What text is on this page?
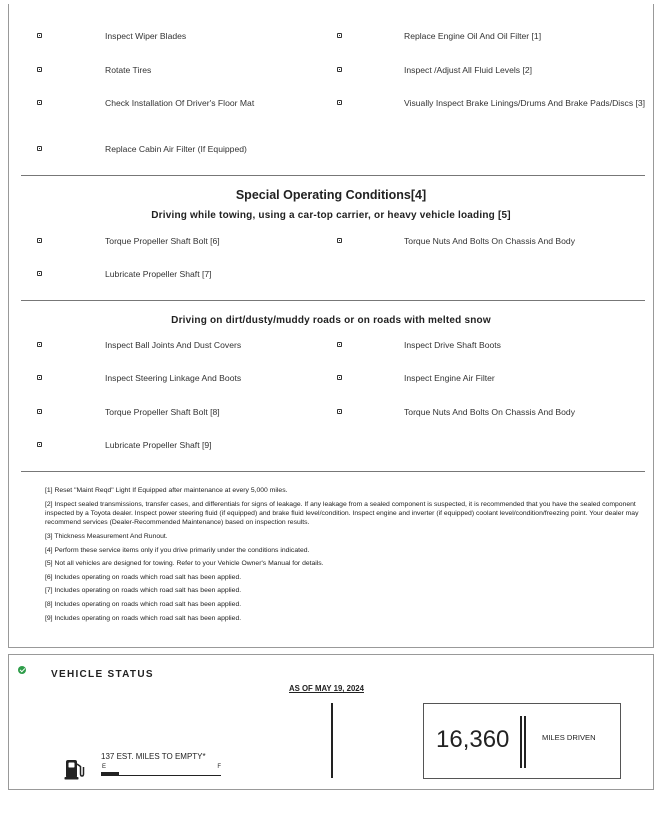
Inspect Wiper Blades	Replace Engine Oil And Oil Filter [1]
Rotate Tires	Inspect /Adjust All Fluid Levels [2]
Check Installation Of Driver's Floor Mat	Visually Inspect Brake Linings/Drums And Brake Pads/Discs [3]
Replace Cabin Air Filter (If Equipped)
Special Operating Conditions[4]
Driving while towing, using a car-top carrier, or heavy vehicle loading [5]
Torque Propeller Shaft Bolt [6]	Torque Nuts And Bolts On Chassis And Body
Lubricate Propeller Shaft [7]
Driving on dirt/dusty/muddy roads or on roads with melted snow
Inspect Ball Joints And Dust Covers	Inspect Drive Shaft Boots
Inspect Steering Linkage And Boots	Inspect Engine Air Filter
Torque Propeller Shaft Bolt [8]	Torque Nuts And Bolts On Chassis And Body
Lubricate Propeller Shaft [9]
[1] Reset "Maint Reqd" Light If Equipped after maintenance at every 5,000 miles.
[2] Inspect sealed transmissions, transfer cases, and differentials for signs of leakage. If any leakage from a sealed component is suspected, it is recommended that you have the sealed component inspected by a Toyota dealer. Inspect power steering fluid (if equipped) and brake fluid level/condition. Inspect engine and inverter (if equipped) coolant level/condition/freezing point. Your dealer may recommend services (Dealer-Recommended Maintenance) based on inspection results.
[3] Thickness Measurement And Runout.
[4] Perform these service items only if you drive primarily under the conditions indicated.
[5] Not all vehicles are designed for towing. Refer to your Vehicle Owner's Manual for details.
[6] Includes operating on roads which road salt has been applied.
[7] Includes operating on roads which road salt has been applied.
[8] Includes operating on roads which road salt has been applied.
[9] Includes operating on roads which road salt has been applied.
VEHICLE STATUS
AS OF MAY 19, 2024
137 EST. MILES TO EMPTY*
E	F
16,360	MILES DRIVEN
